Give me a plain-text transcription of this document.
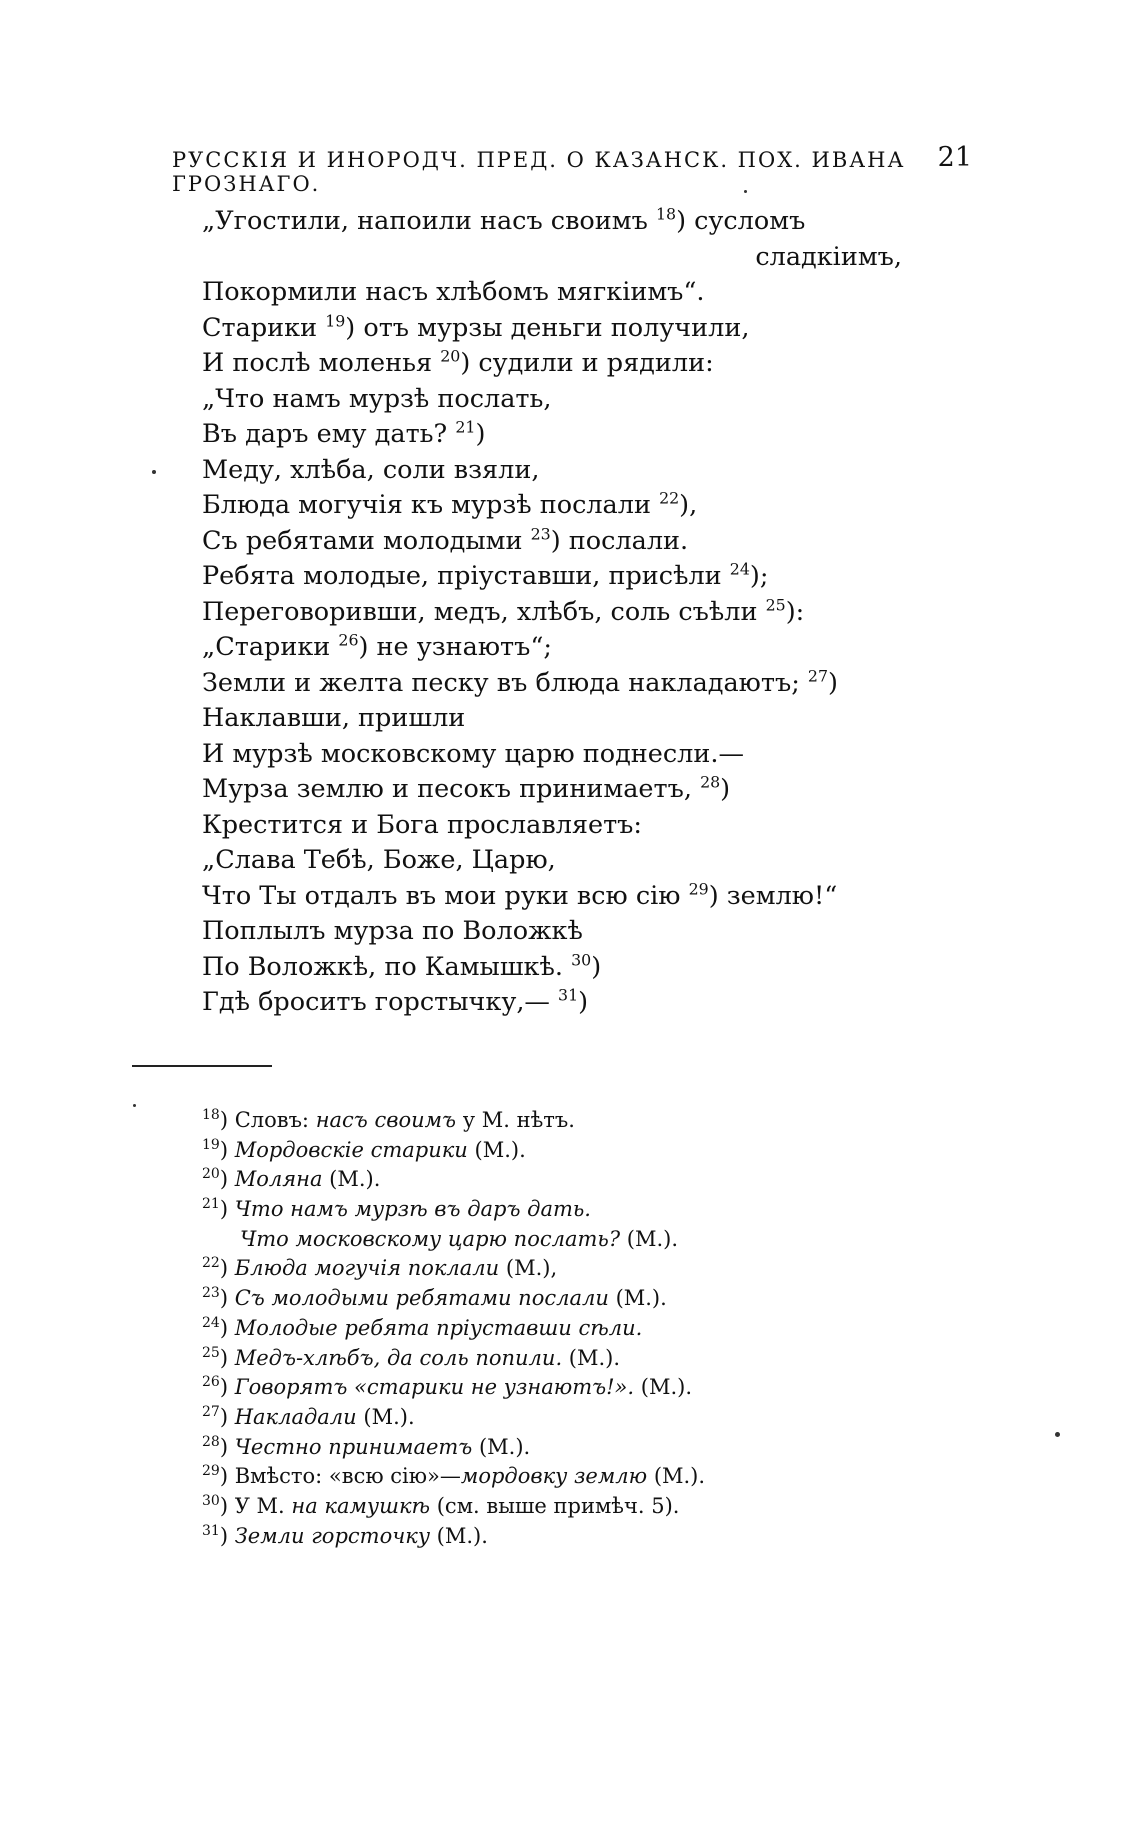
РУССКІЯ И ИНОРОДЧ. ПРЕД. О КАЗАНСК. ПОХ. ИВАНА ГРОЗНАГО.
21
„Угостили, напоили насъ своимъ $^{18}$) сусломъ
сладкіимъ,
Покормили насъ хлѣбомъ мягкіимъ“.
Старики $^{19}$) отъ мурзы деньги получили,
И послѣ моленья $^{20}$) судили и рядили:
„Что намъ мурзѣ послать,
Въ даръ ему дать? $^{21}$)
Меду, хлѣба, соли взяли,
Блюда могучія къ мурзѣ послали $^{22}$),
Съ ребятами молодыми $^{23}$) послали.
Ребята молодые, пріуставши, присѣли $^{24}$);
Переговоривши, медъ, хлѣбъ, соль съѣли $^{25}$):
„Старики $^{26}$) не узнаютъ“;
Земли и желта песку въ блюда накладаютъ; $^{27}$)
Наклавши, пришли
И мурзѣ московскому царю поднесли.—
Мурза землю и песокъ принимаетъ, $^{28}$)
Крестится и Бога прославляетъ:
„Слава Тебѣ, Боже, Царю,
Что Ты отдалъ въ мои руки всю сію $^{29}$) землю!“
Поплылъ мурза по Воложкѣ
По Воложкѣ, по Камышкѣ. $^{30}$)
Гдѣ броситъ горстычку,— $^{31}$)
$^{18}$) Словъ: насъ своимъ у М. нѣтъ.
$^{19}$) Мордовскіе старики (М.).
$^{20}$) Моляна (М.).
$^{21}$) Что намъ мурзѣ въ даръ дать.
Что московскому царю послать? (М.).
$^{22}$) Блюда могучія поклали (М.),
$^{23}$) Съ молодыми ребятами послали (М.).
$^{24}$) Молодые ребята пріуставши сѣли.
$^{25}$) Медъ-хлѣбъ, да соль попили. (М.).
$^{26}$) Говорятъ «старики не узнаютъ!». (М.).
$^{27}$) Накладали (М.).
$^{28}$) Честно принимаетъ (М.).
$^{29}$) Вмѣсто: «всю сію»—мордовку землю (М.).
$^{30}$) У М. на камушкѣ (см. выше примѣч. 5).
$^{31}$) Земли горсточку (М.).
